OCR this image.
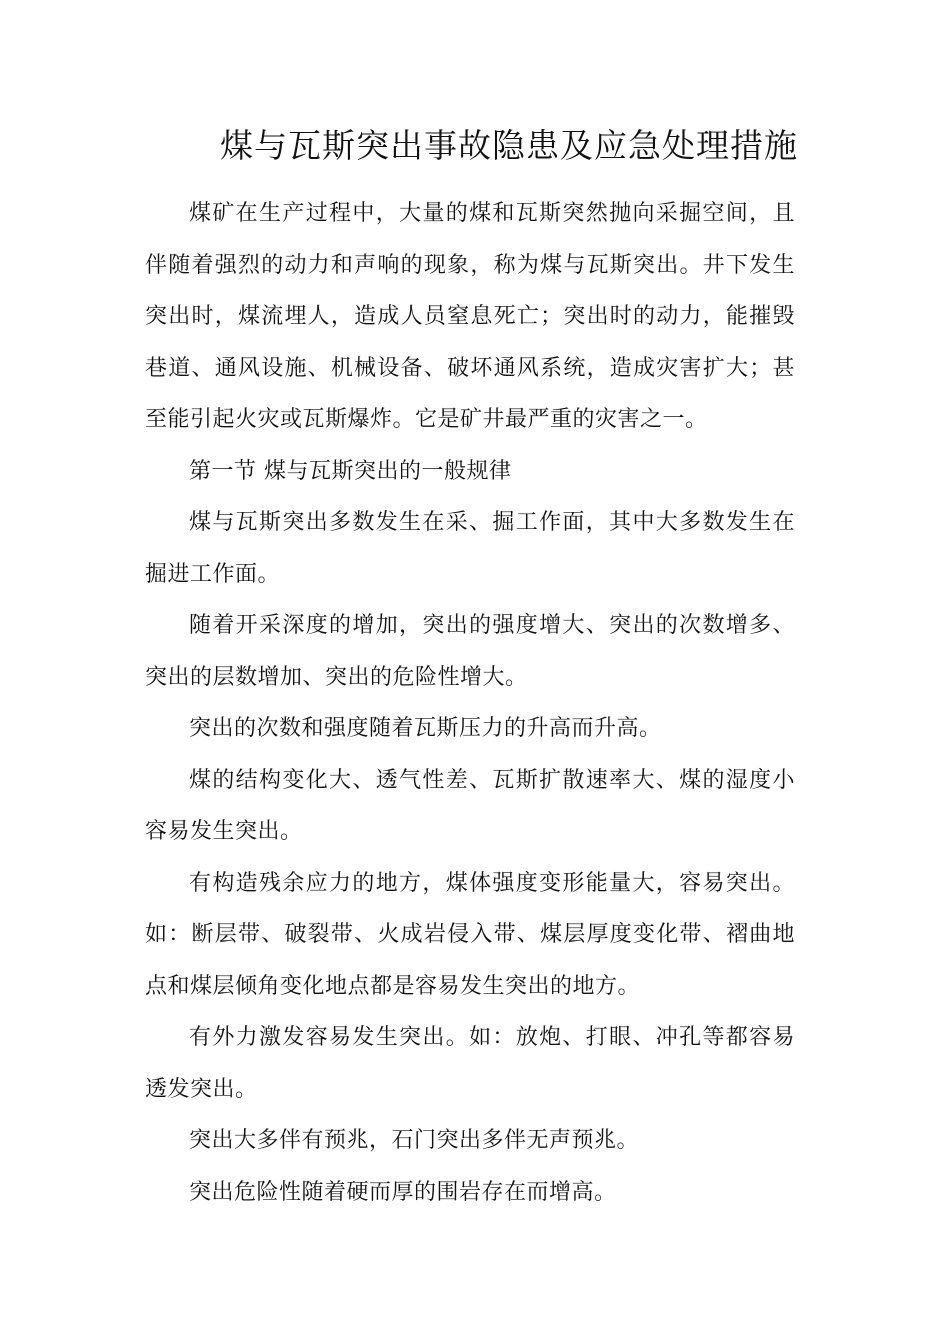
煤与瓦斯突出事故隐患及应急处理措施

煤矿在生产过程中，大量的煤和瓦斯突然抛向采掘空间，且伴随着强烈的动力和声响的现象，称为煤与瓦斯突出。井下发生突出时，煤流埋人，造成人员窒息死亡；突出时的动力，能摧毁巷道、通风设施、机械设备、破坏通风系统，造成灾害扩大；甚至能引起火灾或瓦斯爆炸。它是矿井最严重的灾害之一。

第一节 煤与瓦斯突出的一般规律

煤与瓦斯突出多数发生在采、掘工作面，其中大多数发生在掘进工作面。

随着开采深度的增加，突出的强度增大、突出的次数增多、突出的层数增加、突出的危险性增大。

突出的次数和强度随着瓦斯压力的升高而升高。

煤的结构变化大、透气性差、瓦斯扩散速率大、煤的湿度小容易发生突出。

有构造残余应力的地方，煤体强度变形能量大，容易突出。如：断层带、破裂带、火成岩侵入带、煤层厚度变化带、褶曲地点和煤层倾角变化地点都是容易发生突出的地方。

有外力激发容易发生突出。如：放炮、打眼、冲孔等都容易透发突出。

突出大多伴有预兆，石门突出多伴无声预兆。

突出危险性随着硬而厚的围岩存在而增高。
